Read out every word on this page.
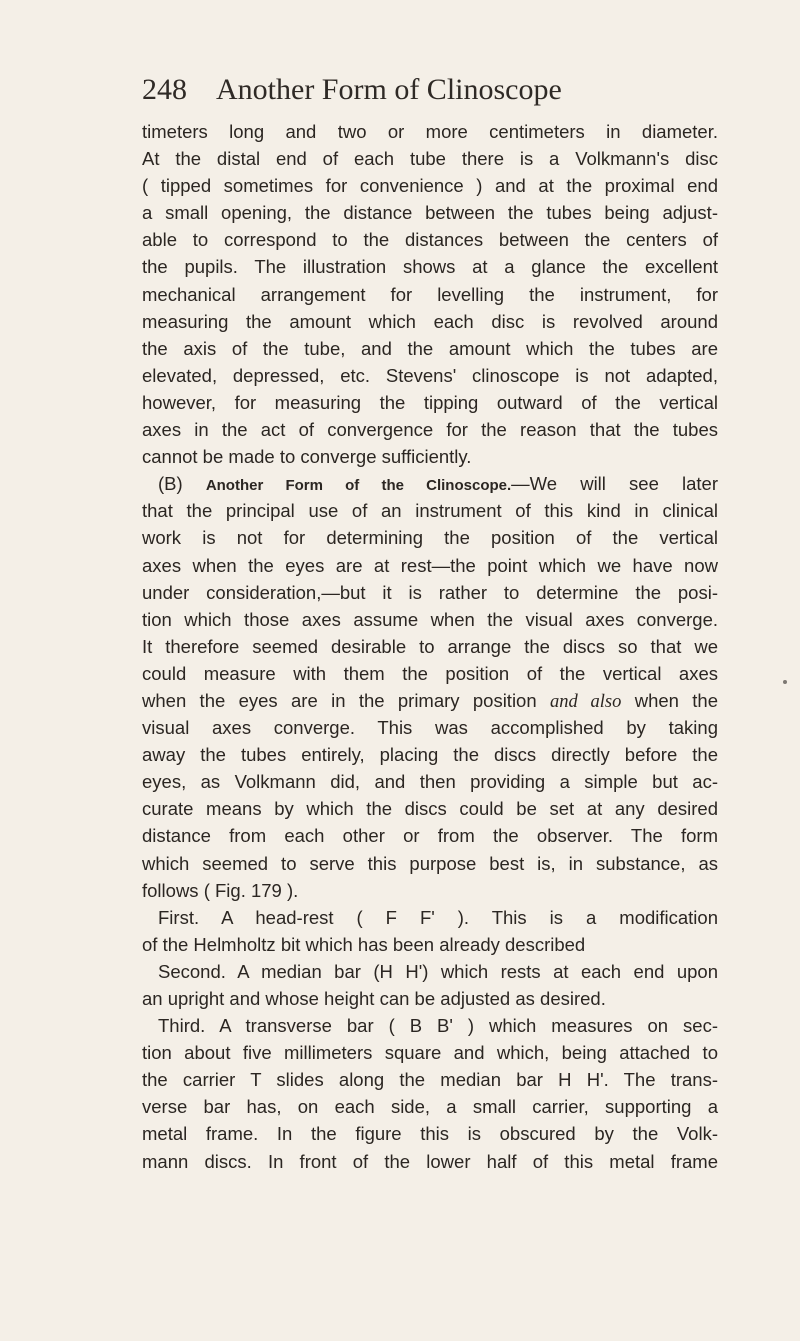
248 Another Form of Clinoscope
timeters long and two or more centimeters in diameter.
At the distal end of each tube there is a Volkmann's disc
( tipped sometimes for convenience ) and at the proximal end
a small opening, the distance between the tubes being adjust-
able to correspond to the distances between the centers of
the pupils. The illustration shows at a glance the excellent
mechanical arrangement for levelling the instrument, for
measuring the amount which each disc is revolved around
the axis of the tube, and the amount which the tubes are
elevated, depressed, etc. Stevens' clinoscope is not adapted,
however, for measuring the tipping outward of the vertical
axes in the act of convergence for the reason that the tubes
cannot be made to converge sufficiently.
(B) Another Form of the Clinoscope.—We will see later
that the principal use of an instrument of this kind in clinical
work is not for determining the position of the vertical
axes when the eyes are at rest—the point which we have now
under consideration,—but it is rather to determine the posi-
tion which those axes assume when the visual axes converge.
It therefore seemed desirable to arrange the discs so that we
could measure with them the position of the vertical axes
when the eyes are in the primary position and also when the
visual axes converge. This was accomplished by taking
away the tubes entirely, placing the discs directly before the
eyes, as Volkmann did, and then providing a simple but ac-
curate means by which the discs could be set at any desired
distance from each other or from the observer. The form
which seemed to serve this purpose best is, in substance, as
follows ( Fig. 179 ).
First. A head-rest ( F F' ). This is a modification
of the Helmholtz bit which has been already described
Second. A median bar (H H') which rests at each end upon
an upright and whose height can be adjusted as desired.
Third. A transverse bar ( B B' ) which measures on sec-
tion about five millimeters square and which, being attached to
the carrier T slides along the median bar H H'. The trans-
verse bar has, on each side, a small carrier, supporting a
metal frame. In the figure this is obscured by the Volk-
mann discs. In front of the lower half of this metal frame
